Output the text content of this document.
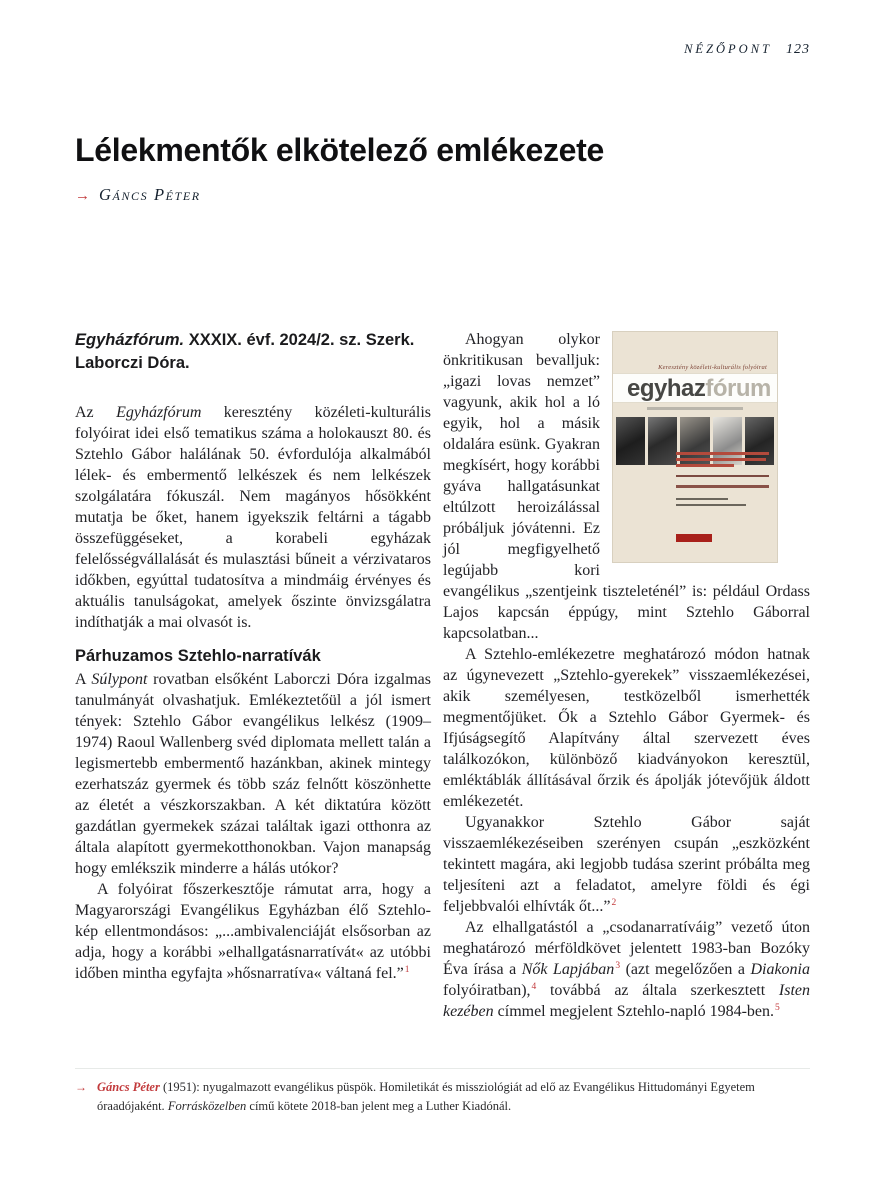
NÉZŐPONT 123
Lélekmentők elkötelező emlékezete
→ Gáncs Péter
Egyházfórum. XXXIX. évf. 2024/2. sz. Szerk. Laborczi Dóra.

Az Egyházfórum keresztény közéleti-kulturális folyóirat idei első tematikus száma a holokauszt 80. és Sztehlo Gábor halálának 50. évfordulója alkalmából lélek- és embermentő lelkészek és nem lelkészek szolgálatára fókuszál. Nem magányos hősökként mutatja be őket, hanem igyekszik feltárni a tágabb összefüggéseket, a korabeli egyházak felelősségvállalását és mulasztási bűneit a vérzivataros időkben, egyúttal tudatosítva a mindmáig érvényes és aktuális tanulságokat, amelyek őszinte önvizsgálatra indíthatják a mai olvasót is.

Párhuzamos Sztehlo-narratívák

A Súlypont rovatban elsőként Laborczi Dóra izgalmas tanulmányát olvashatjuk. Emlékeztetőül a jól ismert tények: Sztehlo Gábor evangélikus lelkész (1909–1974) Raoul Wallenberg svéd diplomata mellett talán a legismertebb embermentő hazánkban, akinek mintegy ezerhatszáz gyermek és több száz felnőtt köszönhette az életét a vészkorszakban. A két diktatúra között gazdátlan gyermekek százai találtak igazi otthonra az általa alapított gyermekotthonokban. Vajon manapság hogy emlékszik minderre a hálás utókor?

A folyóirat főszerkesztője rámutat arra, hogy a Magyarországi Evangélikus Egyházban élő Sztehlo-kép ellentmondásos: „...ambivalenciáját elsősorban az adja, hogy a korábbi »elhallgatásnarratívát« az utóbbi időben mintha egyfajta »hősnarratíva« váltaná fel.”$^1$

Keresztény közéleti-kulturális folyóirat
egyhazfórum

Ahogyan olykor önkritikusan bevalljuk: „igazi lovas nemzet” vagyunk, akik hol a ló egyik, hol a másik oldalára esünk. Gyakran megkísért, hogy korábbi gyáva hallgatásunkat eltúlzott heroizálással próbáljuk jóvátenni. Ez jól megfigyelhető legújabb kori evangélikus „szentjeink tiszteleténél” is: például Ordass Lajos kapcsán éppúgy, mint Sztehlo Gáborral kapcsolatban...

A Sztehlo-emlékezetre meghatározó módon hatnak az úgynevezett „Sztehlo-gyerekek” visszaemlékezései, akik személyesen, testközelből ismerhették megmentőjüket. Ők a Sztehlo Gábor Gyermek- és Ifjúságsegítő Alapítvány által szervezett éves találkozókon, különböző kiadványokon keresztül, emléktáblák állításával őrzik és ápolják jótevőjük áldott emlékezetét.

Ugyanakkor Sztehlo Gábor saját visszaemlékezéseiben szerényen csupán „eszközként tekintett magára, aki legjobb tudása szerint próbálta meg teljesíteni azt a feladatot, amelyre földi és égi feljebbvalói elhívták őt...”$^2$

Az elhallgatástól a „csodanarratíváig” vezető úton meghatározó mérföldkövet jelentett 1983-ban Bozóky Éva írása a Nők Lapjában$^3$ (azt megelőzően a Diakonia folyóiratban),$^4$ továbbá az általa szerkesztett Isten kezében címmel megjelent Sztehlo-napló 1984-ben.$^5$

→ Gáncs Péter (1951): nyugalmazott evangélikus püspök. Homiletikát és missziológiát ad elő az Evangélikus Hittudományi Egyetem óraadójaként. Forrásközelben című kötete 2018-ban jelent meg a Luther Kiadónál.
